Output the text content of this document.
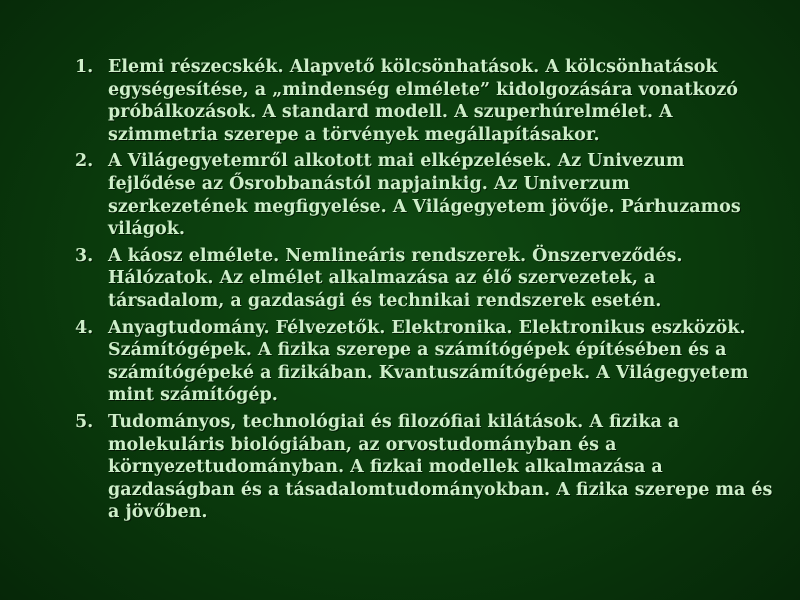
1. Elemi részecskék. Alapvető kölcsönhatások. A kölcsönhatások egységesítése, a „mindenség elmélete” kidolgozására vonatkozó próbálkozások. A standard modell. A szuperhúrelmélet. A szimmetria szerepe a törvények megállapításakor.
2. A Világegyetemről alkotott mai elképzelések. Az Univezum fejlődése az Ősrobbanástól napjainkig. Az Univerzum szerkezetének megfigyelése. A Világegyetem jövője. Párhuzamos világok.
3. A káosz elmélete. Nemlineáris rendszerek. Önszerveződés. Hálózatok. Az elmélet alkalmazása az élő szervezetek, a társadalom, a gazdasági és technikai rendszerek esetén.
4. Anyagtudomány. Félvezetők. Elektronika. Elektronikus eszközök. Számítógépek. A fizika szerepe a számítógépek építésében és a számítógépeké a fizikában. Kvantuszámítógépek. A Világegyetem mint számítógép.
5. Tudományos, technológiai és filozófiai kilátások. A fizika a molekuláris biológiában, az orvostudományban és a környezettudományban. A fizkai modellek alkalmazása a gazdaságban és a tásadalomtudományokban. A fizika szerepe ma és a jövőben.
